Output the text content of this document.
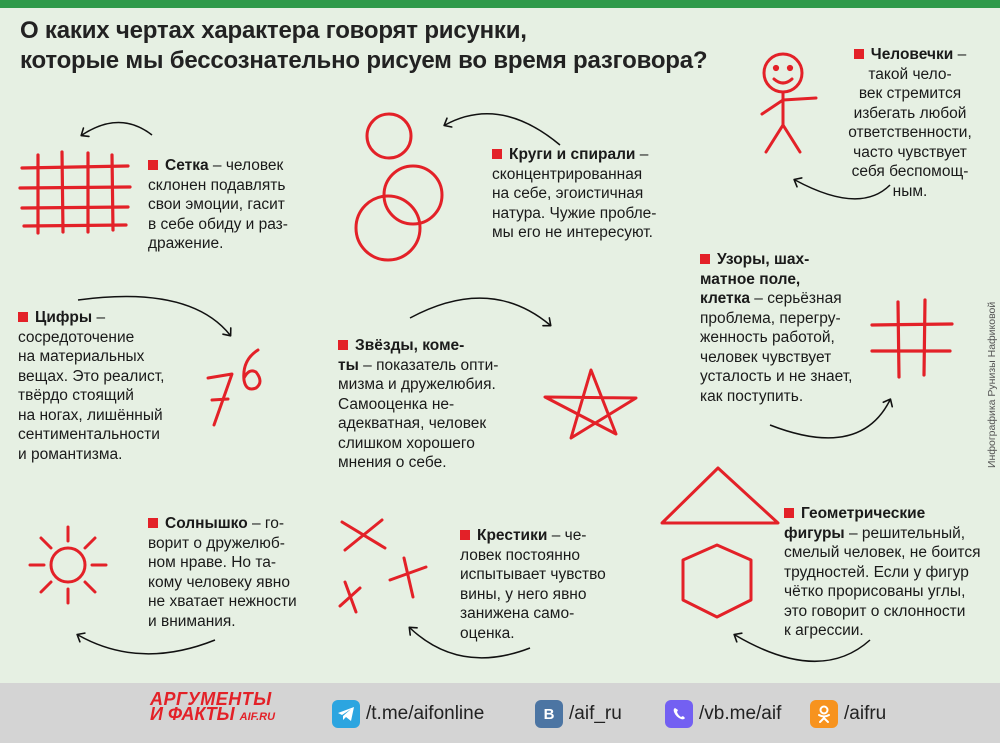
О каких чертах характера говорят рисунки,
которые мы бессознательно рисуем во время разговора?
Сетка – человек
склонен подавлять
свои эмоции, гасит
в себе обиду и раз-
дражение.
Круги и спирали –
сконцентрированная
на себе, эгоистичная
натура. Чужие пробле-
мы его не интересуют.
Человечки –
такой чело-
век стремится
избегать любой
ответственности,
часто чувствует
себя беспомощ-
ным.
Узоры, шах-
матное поле,
клетка – серьёзная
проблема, перегру-
женность работой,
человек чувствует
усталость и не знает,
как поступить.
Цифры –
сосредоточение
на материальных
вещах. Это реалист,
твёрдо стоящий
на ногах, лишённый
сентиментальности
и романтизма.
Звёзды, коме-
ты – показатель опти-
мизма и дружелюбия.
Самооценка не-
адекватная, человек
слишком хорошего
мнения о себе.
Геометрические
фигуры – решительный,
смелый человек, не боится
трудностей. Если у фигур
чётко прорисованы углы,
это говорит о склонности
к агрессии.
Солнышко – го-
ворит о дружелюб-
ном нраве. Но та-
кому человеку явно
не хватает нежности
и внимания.
Крестики – че-
ловек постоянно
испытывает чувство
вины, у него явно
занижена само-
оценка.
Инфографика Рунизы Нафиковой
АРГУМЕНТЫ
И ФАКТЫ AIF.RU	/t.me/aifonline	B /aif_ru	/vb.me/aif	/aifru
